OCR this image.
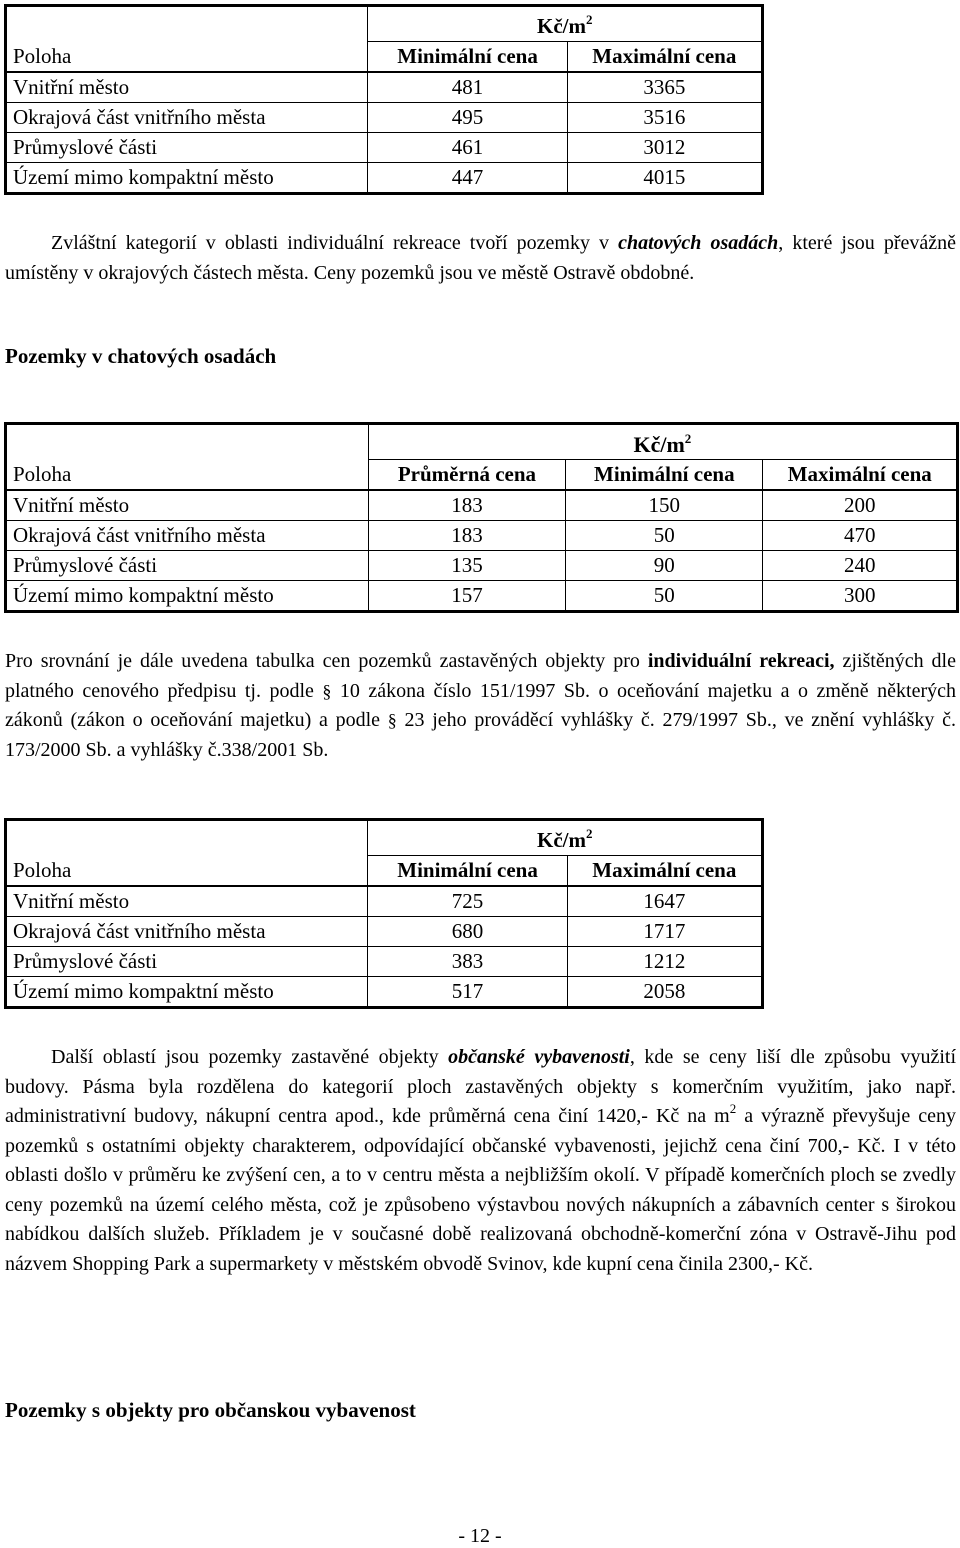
	$Kč/m^2$
Poloha	Minimální cena	Maximální cena
Vnitřní město	481	3365
Okrajová část vnitřního města	495	3516
Průmyslové části	461	3012
Území mimo kompaktní město	447	4015
Zvláštní kategorií v oblasti individuální rekreace tvoří pozemky v chatových osadách, které jsou převážně umístěny v okrajových částech města. Ceny pozemků jsou ve městě Ostravě obdobné.
Pozemky v chatových osadách
	$Kč/m^2$
Poloha	Průměrná cena	Minimální cena	Maximální cena
Vnitřní město	183	150	200
Okrajová část vnitřního města	183	50	470
Průmyslové části	135	90	240
Území mimo kompaktní město	157	50	300
Pro srovnání je dále uvedena tabulka cen pozemků zastavěných objekty pro individuální rekreaci, zjištěných dle platného cenového předpisu tj. podle § 10 zákona číslo 151/1997 Sb. o oceňování majetku a o změně některých zákonů (zákon o oceňování majetku) a podle § 23 jeho prováděcí vyhlášky č. 279/1997 Sb., ve znění vyhlášky č. 173/2000 Sb. a vyhlášky č.338/2001 Sb.
	$Kč/m^2$
Poloha	Minimální cena	Maximální cena
Vnitřní město	725	1647
Okrajová část vnitřního města	680	1717
Průmyslové části	383	1212
Území mimo kompaktní město	517	2058
Další oblastí jsou pozemky zastavěné objekty občanské vybavenosti, kde se ceny liší dle způsobu využití budovy. Pásma byla rozdělena do kategorií ploch zastavěných objekty s komerčním využitím, jako např. administrativní budovy, nákupní centra apod., kde průměrná cena činí 1420,- Kč na $m^2$ a výrazně převyšuje ceny pozemků s ostatními objekty charakterem, odpovídající občanské vybavenosti, jejichž cena činí 700,- Kč. I v této oblasti došlo v průměru ke zvýšení cen, a to v centru města a nejbližším okolí. V případě komerčních ploch se zvedly ceny pozemků na území celého města, což je způsobeno výstavbou nových nákupních a zábavních center s širokou nabídkou dalších služeb. Příkladem je v současné době realizovaná obchodně-komerční zóna v Ostravě-Jihu pod názvem Shopping Park a supermarkety v městském obvodě Svinov, kde kupní cena činila 2300,- Kč.
Pozemky s objekty pro občanskou vybavenost
- 12 -
